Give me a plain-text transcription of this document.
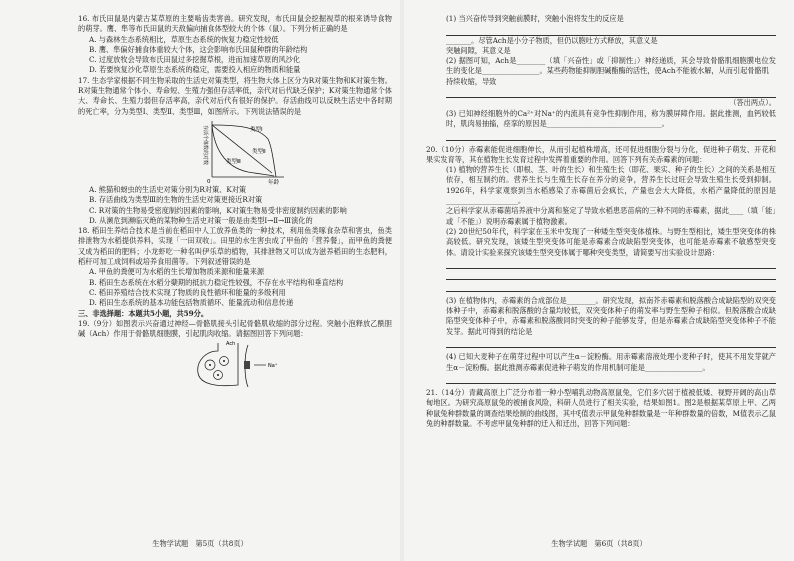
16. 布氏田鼠是内蒙古某草原的主要啮齿类害兽。研究发现，布氏田鼠会挖掘视草的根来诱导食物的萌芽。鹰、隼等布氏田鼠的天敌偏向捕食体型较大的个体（鼠）。下列分析正确的是

A. 与森林生态系统相比，草原生态系统的恢复力稳定性较低

B. 鹰、隼偏好捕食体重较大个体，这会影响布氏田鼠种群的年龄结构

C. 过度放牧会导致布氏田鼠过多挖掘草根，进而加速草原的风沙化

D. 若要恢复沙化草原生态系统的稳定，需要投入相应的物质和能量

17. 生态学家根据不同生物采取的生活史对策类型，将生物大体上区分为R对策生物和K对策生物。R对策生物通常个体小、寿命短、生殖力强但存活率低，亲代对后代缺乏保护；K对策生物通常个体大、寿命长、生殖力弱但存活率高，亲代对后代有很好的保护。存活曲线可以反映生活史中各时期的死亡率，分为类型Ⅰ、类型Ⅱ、类型Ⅲ，如图所示。下列说法错误的是

存活个体数的对数
年龄
0
类型Ⅰ
类型Ⅱ
类型Ⅲ

A. 熊猫和蚜虫的生活史对策分别为R对策、K对策

B. 存活曲线为类型Ⅲ的生物的生活史对策更接近R对策

C. R对策的生物易受密度制约因素的影响，K对策生物易受非密度制约因素的影响

D. 从濒危到濒临灭绝的某物种生活史对策一般是由类型Ⅰ→Ⅱ→Ⅲ演化的

18. 稻田生养结合技术是当前在稻田中人工放养鱼类的一种技术，利用鱼类啄食杂草和害虫，鱼类排泄物为水稻提供养料，实现「一田双收」。田里的水生害虫成了甲鱼的「营养餐」，而甲鱼的粪便又成为稻田的肥料；小龙虾吃一种名叫伊乐草的植物，其排泄物又可以成为滋养稻田的生态肥料，稻秆可加工成饲料或培养食用菌等。下列叙述错误的是

A. 甲鱼的粪便可为水稻的生长增加物质来源和能量来源

B. 稻田生态系统在水稻分蘖期的抵抗力稳定性较强，不存在水平结构和垂直结构

C. 稻田养殖结合技术实现了物质的良性循环和能量的多级利用

D. 稻田生态系统的基本功能包括物质循环、能量流动和信息传递

三、非选择题：本题共5小题，共59分。

19.（9分）如图表示兴奋通过神经—骨骼肌接头引起骨骼肌收缩的部分过程。突触小泡释放乙酰胆碱（Ach）作用于骨骼肌细胞膜，引起肌肉收缩。请据图回答下列问题：

Ach
Na⁺
生物学试题　第5页（共8页）

(1) 当兴奋传导到突触前膜时，突触小泡将发生的反应是

_______。尽管Ach是小分子物质，但仍以胞吐方式释放，其意义是

突触间隙，其意义是

(2) 据图可知，Ach是________（填「兴奋性」或「抑制性」）神经递质，其会导致骨骼肌细胞膜电位发生的变化是________________。某些药物能抑制胆碱酯酶的活性，使Ach不能被水解，从而引起骨骼肌

持续收缩，导致

（答出两点）。

(3) 已知神经细胞外的Ca²⁺对Na⁺的内流具有竞争性抑制作用，称为膜屏障作用。据此推测，血钙较低时，肌肉易抽搐，痉挛的原因是________________________________。

20.（10分）赤霉素能促进细胞伸长，从而引起植株增高，还可促进细胞分裂与分化，促进种子萌发、开花和果实发育等，其在植物生长发育过程中发挥着重要的作用。回答下列有关赤霉素的问题：

(1) 植物的营养生长（即根、茎、叶的生长）和生殖生长（即花、果实、种子的生长）之间的关系是相互依存，相互制约的。营养生长与生殖生长存在养分的竞争，营养生长过旺会导致生殖生长受到抑制。1926年，科学家观察到当水稻感染了赤霉菌后会疯长，产量也会大大降低，水稻产量降低的原因是____________________。

之后科学家从赤霉菌培养液中分离和鉴定了导致水稻患恶苗病的三种不同的赤霉素，据此____（填「能」或「不能」）说明赤霉素属于植物激素。

(2) 20世纪50年代，科学家在玉米中发现了一种矮生型突变体植株。与野生型相比，矮生型突变体的株高较低。研究发现，该矮生型突变体可能是赤霉素合成缺陷型突变体，也可能是赤霉素不敏感型突变体。请设计实验来探究该矮生型突变体属于哪种突变类型，请简要写出实验设计思路：

(3) 在植物体内，赤霉素的合成部位是________。研究发现，拟南芥赤霉素和脱落酸合成缺陷型的双突变体种子中，赤霉素和脱落酸的含量均较低，双突变体种子的萌发率与野生型种子相似。但脱落酸合成缺陷型突变体种子中，赤霉素和脱落酸同时突变的种子能够发芽，但是赤霉素合成缺陷型突变体种子不能发芽。据此可得到的结论是

(4) 已知大麦种子在萌芽过程中可以产生α－淀粉酶。用赤霉素溶液处理小麦种子时，使其不用发芽就产生α－淀粉酶。据此推测赤霉素促进种子萌发的作用机制可能是________________。

21.（14分）青藏高原上广泛分布着一种小型哺乳动物高原鼠兔，它们多穴居于植被低矮、视野开阔的高山草甸地区。为研究高原鼠兔的被捕食风险，科研人员进行了相关实验，结果如图1。图2是根据某草原上甲、乙两种鼠兔种群数量的调查结果绘制的曲线图，其中ξ值表示甲鼠兔种群数量是一年种群数量的倍数，M值表示乙鼠兔的种群数量。不考虑甲鼠兔种群的迁入和迁出，回答下列问题：

生物学试题　第6页（共8页）
